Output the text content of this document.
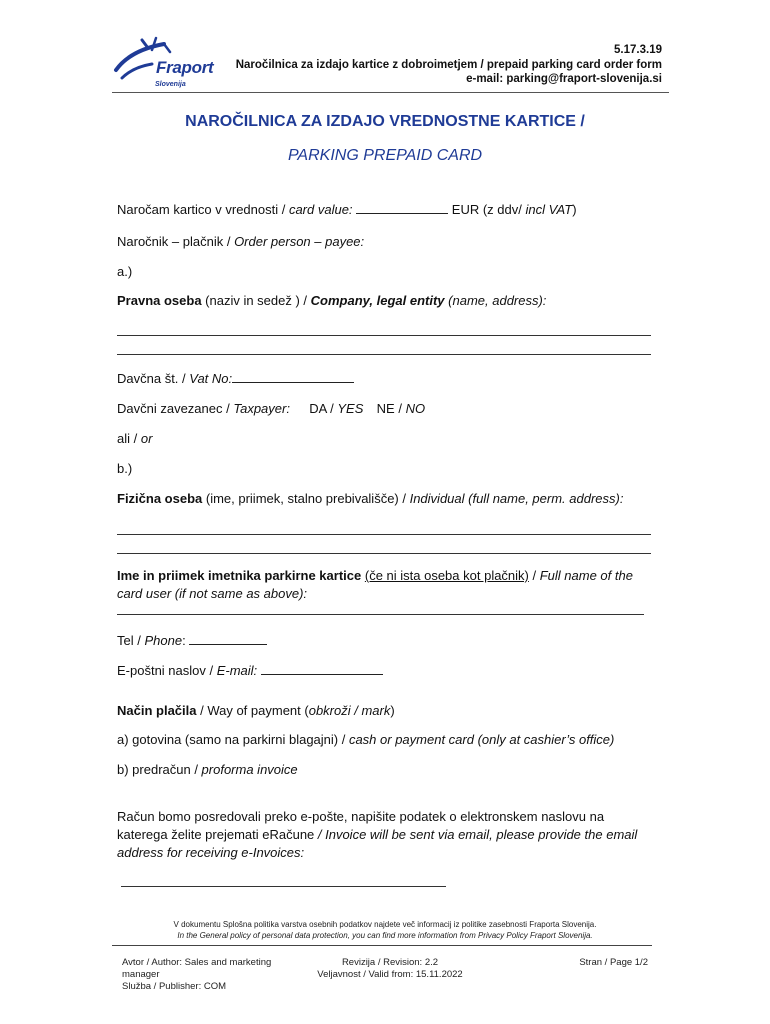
Fraport
Slovenija
5.17.3.19
Naročilnica za izdajo kartice z dobroimetjem / prepaid parking card order form
e-mail: parking@fraport-slovenija.si
NAROČILNICA ZA IZDAJO VREDNOSTNE KARTICE /
PARKING PREPAID CARD
Naročam kartico v vrednosti / card value:	EUR (z ddv/ incl VAT)
Naročnik – plačnik / Order person – payee:
a.)
Pravna oseba (naziv in sedež ) / Company, legal entity (name, address):
Davčna št. / Vat No:
Davčni zavezanec / Taxpayer: DA / YES NE / NO
ali / or
b.)
Fizična oseba (ime, priimek, stalno prebivališče) / Individual (full name, perm. address):
Ime in priimek imetnika parkirne kartice (če ni ista oseba kot plačnik) / Full name of the
card user (if not same as above):
Tel / Phone:
E-poštni naslov / E-mail:
Način plačila / Way of payment (obkroži / mark)
a) gotovina (samo na parkirni blagajni) / cash or payment card (only at cashier’s office)
b) predračun / proforma invoice
Račun bomo posredovali preko e-pošte, napišite podatek o elektronskem naslovu na
katerega želite prejemati eRačune / Invoice will be sent via email, please provide the email
address for receiving e-Invoices:
V dokumentu Splošna politika varstva osebnih podatkov najdete več informacij iz politike zasebnosti Fraporta Slovenija.
In the General policy of personal data protection, you can find more information from Privacy Policy Fraport Slovenija.
Avtor / Author: Sales and marketing
manager
Služba / Publisher: COM
Revizija / Revision: 2.2
Veljavnost / Valid from: 15.11.2022
Stran / Page 1/2
